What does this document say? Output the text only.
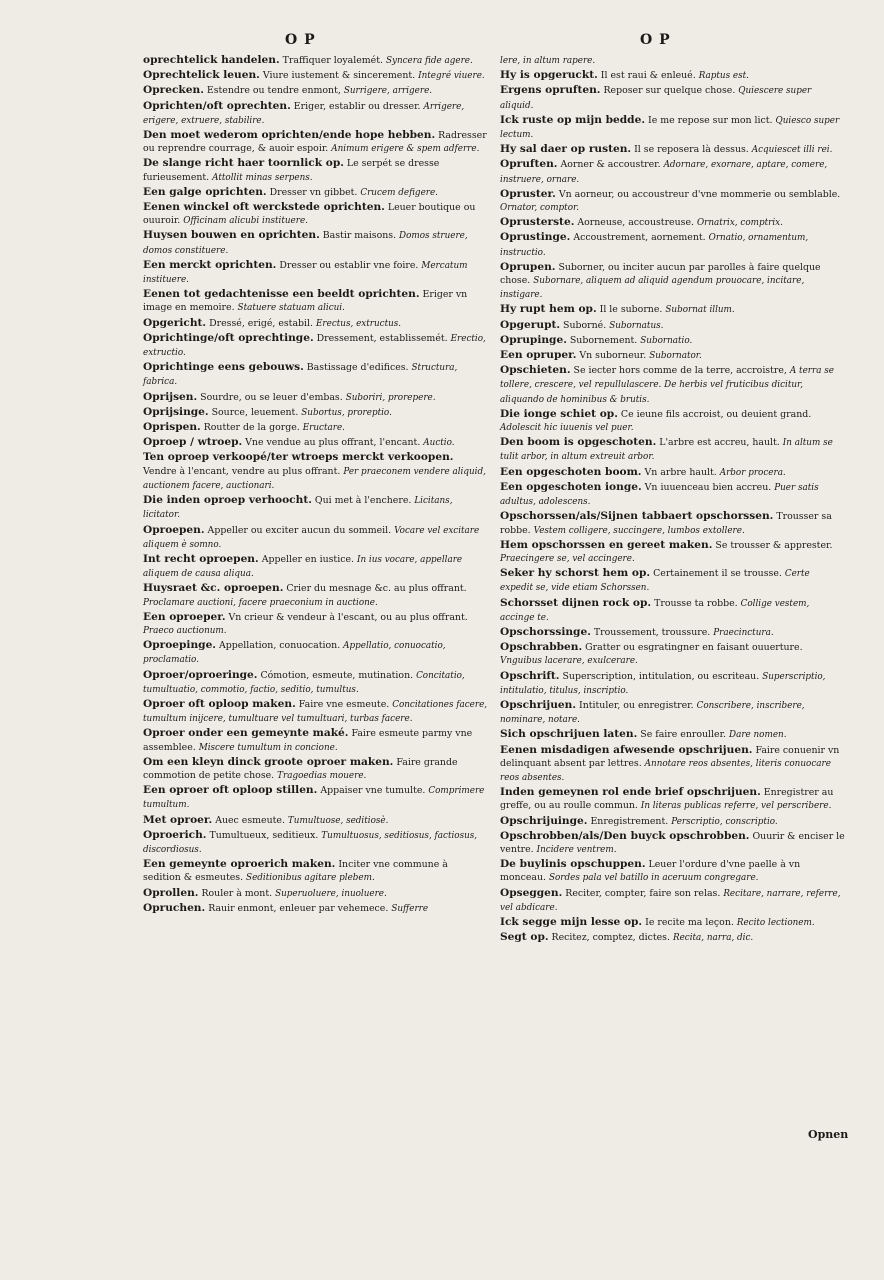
O P	O P
oprechtelick handelen. Traffiquer loyalemét. Syncera fide agere.
Oprechtelick leuen. Viure iustement & sincerement. Integré viuere.
Oprecken. Estendre ou tendre enmont, Surrigere, arrigere.
Oprichten/oft oprechten. Eriger, establir ou dresser. Arrigere, erigere, extruere, stabilire.
Den moet wederom oprichten/ende hope hebben. Radresser ou reprendre courrage, & auoir espoir. Animum erigere & spem adferre.
De slange richt haer toornlick op. Le serpét se dresse furieusement. Attollit minas serpens.
Een galge oprichten. Dresser vn gibbet. Crucem defigere.
Eenen winckel oft werckstede oprichten. Leuer boutique ou ouuroir. Officinam alicubi instituere.
Huysen bouwen en oprichten. Bastir maisons. Domos struere, domos constituere.
Een merckt oprichten. Dresser ou establir vne foire. Mercatum instituere.
Eenen tot gedachtenisse een beeldt oprichten. Eriger vn image en memoire. Statuere statuam alicui.
Opgericht. Dressé, erigé, estabil. Erectus, extructus.
Oprichtinge/oft oprechtinge. Dressement, establissemét. Erectio, extructio.
Oprichtinge eens gebouws. Bastissage d'edifices. Structura, fabrica.
Oprijsen. Sourdre, ou se leuer d'embas. Suboriri, prorepere.
Oprijsinge. Source, leuement. Subortus, proreptio.
Oprispen. Routter de la gorge. Eructare.
Oproep / wtroep. Vne vendue au plus offrant, l'encant. Auctio.
Ten oproep verkoopé/ter wtroeps merckt verkoopen. Vendre à l'encant, vendre au plus offrant. Per praeconem vendere aliquid, auctionem facere, auctionari.
Die inden oproep verhoocht. Qui met à l'enchere. Licitans, licitator.
Oproepen. Appeller ou exciter aucun du sommeil. Vocare vel excitare aliquem è somno.
Int recht oproepen. Appeller en iustice. In ius vocare, appellare aliquem de causa aliqua.
Huysraet &c. oproepen. Crier du mesnage &c. au plus offrant. Proclamare auctioni, facere praeconium in auctione.
Een oproeper. Vn crieur & vendeur à l'escant, ou au plus offrant. Praeco auctionum.
Oproepinge. Appellation, conuocation. Appellatio, conuocatio, proclamatio.
Oproer/oproeringe. Cómotion, esmeute, mutination. Concitatio, tumultuatio, commotio, factio, seditio, tumultus.
Oproer oft oploop maken. Faire vne esmeute. Concitationes facere, tumultum inijcere, tumultuare vel tumultuari, turbas facere.
Oproer onder een gemeynte maké. Faire esmeute parmy vne assemblee. Miscere tumultum in concione.
Om een kleyn dinck groote oproer maken. Faire grande commotion de petite chose. Tragoedias mouere.
Een oproer oft oploop stillen. Appaiser vne tumulte. Comprimere tumultum.
Met oproer. Auec esmeute. Tumultuose, seditiosè.
Oproerich. Tumultueux, seditieux. Tumultuosus, seditiosus, factiosus, discordiosus.
Een gemeynte oproerich maken. Inciter vne commune à sedition & esmeutes. Seditionibus agitare plebem.
Oprollen. Rouler à mont. Superuoluere, inuoluere.
Opruchen. Rauir enmont, enleuer par vehemece. Sufferre
lere, in altum rapere.
Hy is opgeruckt. Il est raui & enleué. Raptus est.
Ergens opruften. Reposer sur quelque chose. Quiescere super aliquid.
Ick ruste op mijn bedde. Ie me repose sur mon lict. Quiesco super lectum.
Hy sal daer op rusten. Il se reposera là dessus. Acquiescet illi rei.
Opruften. Aorner & accoustrer. Adornare, exornare, aptare, comere, instruere, ornare.
Opruster. Vn aorneur, ou accoustreur d'vne mommerie ou semblable. Ornator, comptor.
Oprusterste. Aorneuse, accoustreuse. Ornatrix, comptrix.
Oprustinge. Accoustrement, aornement. Ornatio, ornamentum, instructio.
Oprupen. Suborner, ou inciter aucun par parolles à faire quelque chose. Subornare, aliquem ad aliquid agendum prouocare, incitare, instigare.
Hy rupt hem op. Il le suborne. Subornat illum.
Opgerupt. Suborné. Subornatus.
Oprupinge. Subornement. Subornatio.
Een opruper. Vn suborneur. Subornator.
Opschieten. Se iecter hors comme de la terre, accroistre, A terra se tollere, crescere, vel repullulascere. De herbis vel fruticibus dicitur, aliquando de hominibus & brutis.
Die ionge schiet op. Ce ieune fils accroist, ou deuient grand. Adolescit hic iuuenis vel puer.
Den boom is opgeschoten. L'arbre est accreu, hault. In altum se tulit arbor, in altum extreuit arbor.
Een opgeschoten boom. Vn arbre hault. Arbor procera.
Een opgeschoten ionge. Vn iuuenceau bien accreu. Puer satis adultus, adolescens.
Opschorssen/als/Sijnen tabbaert opschorssen. Trousser sa robbe. Vestem colligere, succingere, lumbos extollere.
Hem opschorssen en gereet maken. Se trousser & apprester. Praecingere se, vel accingere.
Seker hy schorst hem op. Certainement il se trousse. Certe expedit se, vide etiam Schorssen.
Schorsset dijnen rock op. Trousse ta robbe. Collige vestem, accinge te.
Opschorssinge. Troussement, troussure. Praecinctura.
Opschrabben. Gratter ou esgratingner en faisant ouuerture. Vnguibus lacerare, exulcerare.
Opschrift. Superscription, intitulation, ou escriteau. Superscriptio, intitulatio, titulus, inscriptio.
Opschrijuen. Intituler, ou enregistrer. Conscribere, inscribere, nominare, notare.
Sich opschrijuen laten. Se faire enrouller. Dare nomen.
Eenen misdadigen afwesende opschrijuen. Faire conuenir vn delinquant absent par lettres. Annotare reos absentes, literis conuocare reos absentes.
Inden gemeynen rol ende brief opschrijuen. Enregistrer au greffe, ou au roulle commun. In literas publicas referre, vel perscribere.
Opschrijuinge. Enregistrement. Perscriptio, conscriptio.
Opschrobben/als/Den buyck opschrobben. Ouurir & enciser le ventre. Incidere ventrem.
De buylinis opschuppen. Leuer l'ordure d'vne paelle à vn monceau. Sordes pala vel batillo in aceruum congregare.
Opseggen. Reciter, compter, faire son relas. Recitare, narrare, referre, vel abdicare.
Ick segge mijn lesse op. Ie recite ma leçon. Recito lectionem.
Segt op. Recitez, comptez, dictes. Recita, narra, dic.
Opnen
